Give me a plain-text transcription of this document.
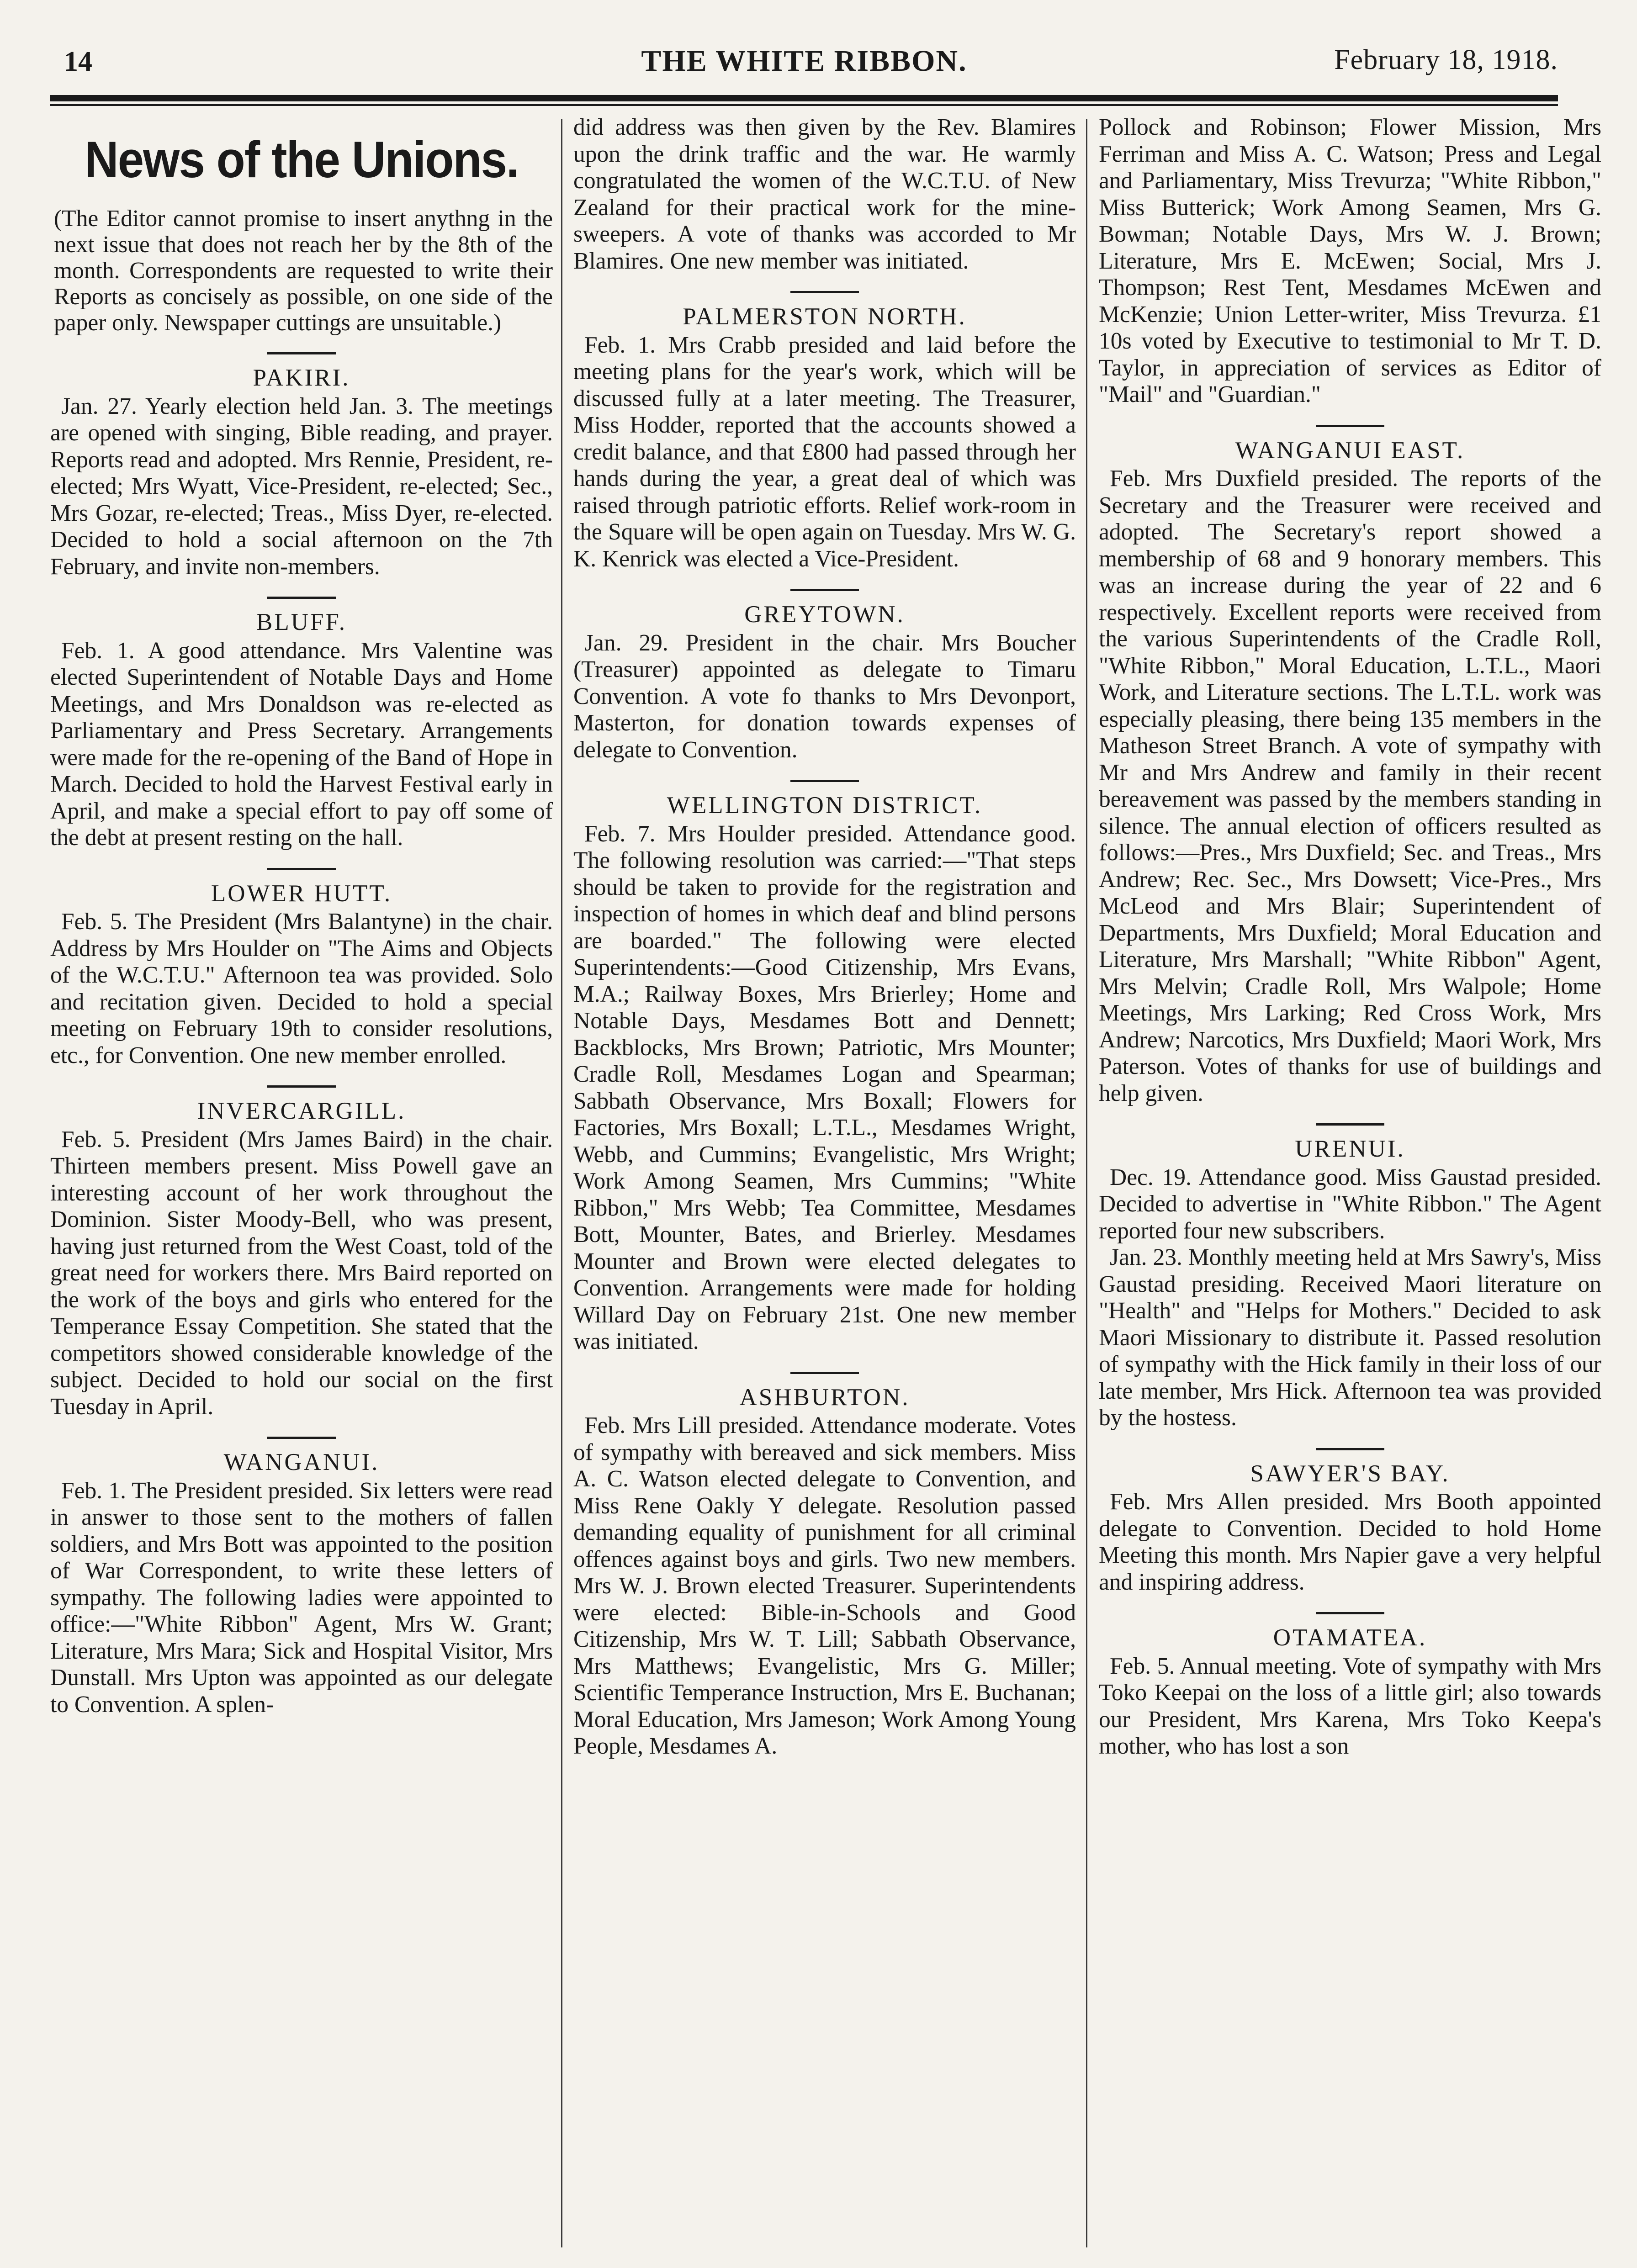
14	THE WHITE RIBBON.	February 18, 1918.
News of the Unions.

(The Editor cannot promise to insert anythng in the next issue that does not reach her by the 8th of the month. Correspondents are requested to write their Reports as concisely as possible, on one side of the paper only. Newspaper cuttings are unsuitable.)

PAKIRI.

Jan. 27. Yearly election held Jan. 3. The meetings are opened with singing, Bible reading, and prayer. Reports read and adopted. Mrs Rennie, President, re-elected; Mrs Wyatt, Vice-President, re-elected; Sec., Mrs Gozar, re-elected; Treas., Miss Dyer, re-elected. Decided to hold a social afternoon on the 7th February, and invite non-members.

BLUFF.

Feb. 1. A good attendance. Mrs Valentine was elected Superintendent of Notable Days and Home Meetings, and Mrs Donaldson was re-elected as Parliamentary and Press Secretary. Arrangements were made for the re-opening of the Band of Hope in March. Decided to hold the Harvest Festival early in April, and make a special effort to pay off some of the debt at present resting on the hall.

LOWER HUTT.

Feb. 5. The President (Mrs Balantyne) in the chair. Address by Mrs Houlder on "The Aims and Objects of the W.C.T.U." Afternoon tea was provided. Solo and recitation given. Decided to hold a special meeting on February 19th to consider resolutions, etc., for Convention. One new member enrolled.

INVERCARGILL.

Feb. 5. President (Mrs James Baird) in the chair. Thirteen members present. Miss Powell gave an interesting account of her work throughout the Dominion. Sister Moody-Bell, who was present, having just returned from the West Coast, told of the great need for workers there. Mrs Baird reported on the work of the boys and girls who entered for the Temperance Essay Competition. She stated that the competitors showed considerable knowledge of the subject. Decided to hold our social on the first Tuesday in April.

WANGANUI.

Feb. 1. The President presided. Six letters were read in answer to those sent to the mothers of fallen soldiers, and Mrs Bott was appointed to the position of War Correspondent, to write these letters of sympathy. The following ladies were appointed to office:—"White Ribbon" Agent, Mrs W. Grant; Literature, Mrs Mara; Sick and Hospital Visitor, Mrs Dunstall. Mrs Upton was appointed as our delegate to Convention. A splen-

did address was then given by the Rev. Blamires upon the drink traffic and the war. He warmly congratulated the women of the W.C.T.U. of New Zealand for their practical work for the mine-sweepers. A vote of thanks was accorded to Mr Blamires. One new member was initiated.

PALMERSTON NORTH.

Feb. 1. Mrs Crabb presided and laid before the meeting plans for the year's work, which will be discussed fully at a later meeting. The Treasurer, Miss Hodder, reported that the accounts showed a credit balance, and that £800 had passed through her hands during the year, a great deal of which was raised through patriotic efforts. Relief work-room in the Square will be open again on Tuesday. Mrs W. G. K. Kenrick was elected a Vice-President.

GREYTOWN.

Jan. 29. President in the chair. Mrs Boucher (Treasurer) appointed as delegate to Timaru Convention. A vote fo thanks to Mrs Devonport, Masterton, for donation towards expenses of delegate to Convention.

WELLINGTON DISTRICT.

Feb. 7. Mrs Houlder presided. Attendance good. The following resolution was carried:—"That steps should be taken to provide for the registration and inspection of homes in which deaf and blind persons are boarded." The following were elected Superintendents:—Good Citizenship, Mrs Evans, M.A.; Railway Boxes, Mrs Brierley; Home and Notable Days, Mesdames Bott and Dennett; Backblocks, Mrs Brown; Patriotic, Mrs Mounter; Cradle Roll, Mesdames Logan and Spearman; Sabbath Observance, Mrs Boxall; Flowers for Factories, Mrs Boxall; L.T.L., Mesdames Wright, Webb, and Cummins; Evangelistic, Mrs Wright; Work Among Seamen, Mrs Cummins; "White Ribbon," Mrs Webb; Tea Committee, Mesdames Bott, Mounter, Bates, and Brierley. Mesdames Mounter and Brown were elected delegates to Convention. Arrangements were made for holding Willard Day on February 21st. One new member was initiated.

ASHBURTON.

Feb. Mrs Lill presided. Attendance moderate. Votes of sympathy with bereaved and sick members. Miss A. C. Watson elected delegate to Convention, and Miss Rene Oakly Y delegate. Resolution passed demanding equality of punishment for all criminal offences against boys and girls. Two new members. Mrs W. J. Brown elected Treasurer. Superintendents were elected: Bible-in-Schools and Good Citizenship, Mrs W. T. Lill; Sabbath Observance, Mrs Matthews; Evangelistic, Mrs G. Miller; Scientific Temperance Instruction, Mrs E. Buchanan; Moral Education, Mrs Jameson; Work Among Young People, Mesdames A.

Pollock and Robinson; Flower Mission, Mrs Ferriman and Miss A. C. Watson; Press and Legal and Parliamentary, Miss Trevurza; "White Ribbon," Miss Butterick; Work Among Seamen, Mrs G. Bowman; Notable Days, Mrs W. J. Brown; Literature, Mrs E. McEwen; Social, Mrs J. Thompson; Rest Tent, Mesdames McEwen and McKenzie; Union Letter-writer, Miss Trevurza. £1 10s voted by Executive to testimonial to Mr T. D. Taylor, in appreciation of services as Editor of "Mail" and "Guardian."

WANGANUI EAST.

Feb. Mrs Duxfield presided. The reports of the Secretary and the Treasurer were received and adopted. The Secretary's report showed a membership of 68 and 9 honorary members. This was an increase during the year of 22 and 6 respectively. Excellent reports were received from the various Superintendents of the Cradle Roll, "White Ribbon," Moral Education, L.T.L., Maori Work, and Literature sections. The L.T.L. work was especially pleasing, there being 135 members in the Matheson Street Branch. A vote of sympathy with Mr and Mrs Andrew and family in their recent bereavement was passed by the members standing in silence. The annual election of officers resulted as follows:—Pres., Mrs Duxfield; Sec. and Treas., Mrs Andrew; Rec. Sec., Mrs Dowsett; Vice-Pres., Mrs McLeod and Mrs Blair; Superintendent of Departments, Mrs Duxfield; Moral Education and Literature, Mrs Marshall; "White Ribbon" Agent, Mrs Melvin; Cradle Roll, Mrs Walpole; Home Meetings, Mrs Larking; Red Cross Work, Mrs Andrew; Narcotics, Mrs Duxfield; Maori Work, Mrs Paterson. Votes of thanks for use of buildings and help given.

URENUI.

Dec. 19. Attendance good. Miss Gaustad presided. Decided to advertise in "White Ribbon." The Agent reported four new subscribers.

Jan. 23. Monthly meeting held at Mrs Sawry's, Miss Gaustad presiding. Received Maori literature on "Health" and "Helps for Mothers." Decided to ask Maori Missionary to distribute it. Passed resolution of sympathy with the Hick family in their loss of our late member, Mrs Hick. Afternoon tea was provided by the hostess.

SAWYER'S BAY.

Feb. Mrs Allen presided. Mrs Booth appointed delegate to Convention. Decided to hold Home Meeting this month. Mrs Napier gave a very helpful and inspiring address.

OTAMATEA.

Feb. 5. Annual meeting. Vote of sympathy with Mrs Toko Keepai on the loss of a little girl; also towards our President, Mrs Karena, Mrs Toko Keepa's mother, who has lost a son
